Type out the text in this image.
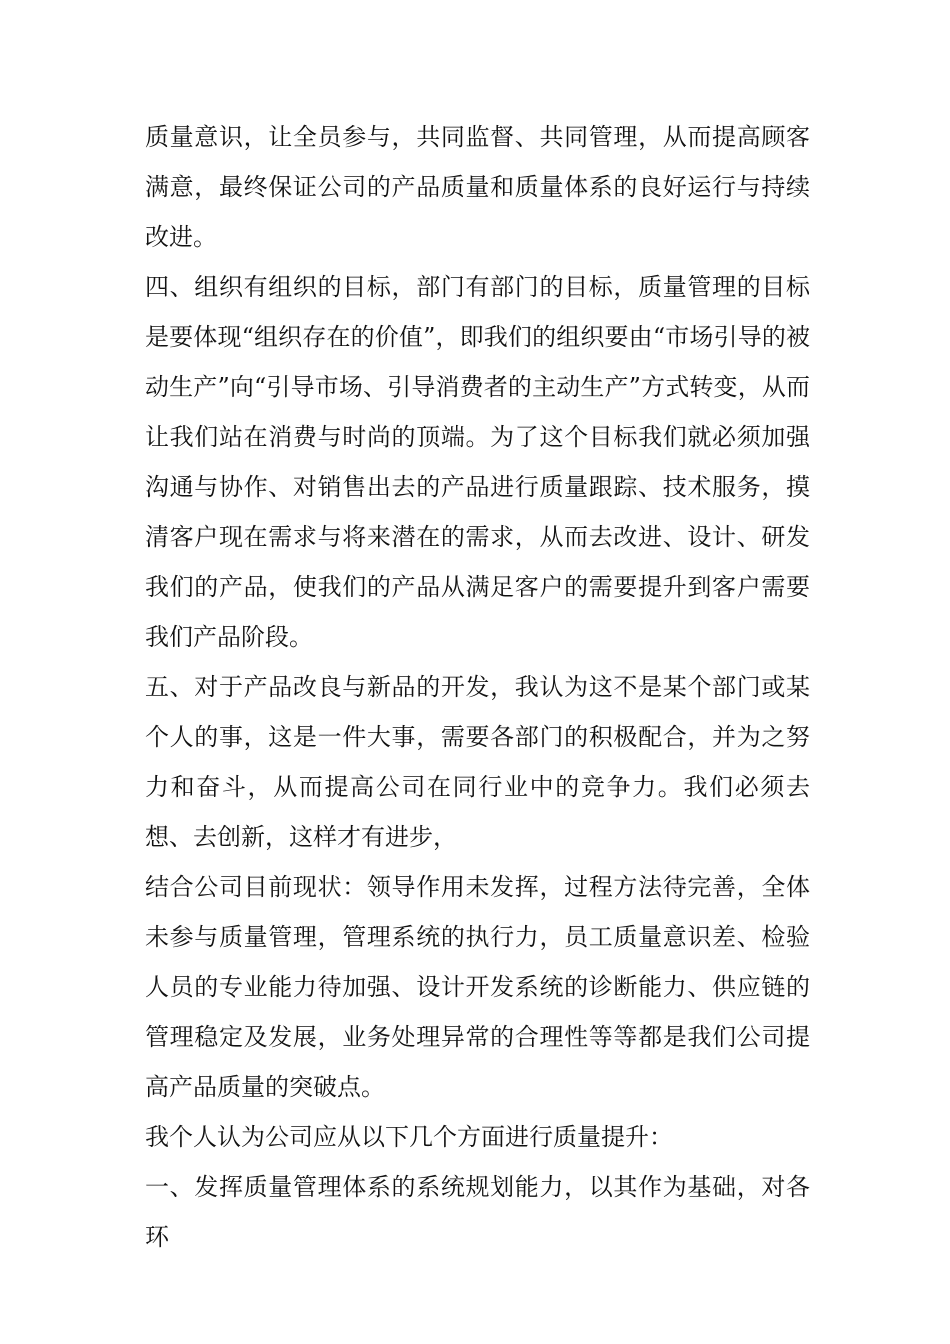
质量意识，让全员参与，共同监督、共同管理，从而提高顾客满意，最终保证公司的产品质量和质量体系的良好运行与持续改进。

四、组织有组织的目标，部门有部门的目标，质量管理的目标是要体现“组织存在的价值”，即我们的组织要由“市场引导的被动生产”向“引导市场、引导消费者的主动生产”方式转变，从而让我们站在消费与时尚的顶端。为了这个目标我们就必须加强沟通与协作、对销售出去的产品进行质量跟踪、技术服务，摸清客户现在需求与将来潜在的需求，从而去改进、设计、研发我们的产品，使我们的产品从满足客户的需要提升到客户需要我们产品阶段。

五、对于产品改良与新品的开发，我认为这不是某个部门或某个人的事，这是一件大事，需要各部门的积极配合，并为之努力和奋斗，从而提高公司在同行业中的竞争力。我们必须去想、去创新，这样才有进步，

结合公司目前现状：领导作用未发挥，过程方法待完善，全体未参与质量管理，管理系统的执行力，员工质量意识差、检验人员的专业能力待加强、设计开发系统的诊断能力、供应链的管理稳定及发展，业务处理异常的合理性等等都是我们公司提高产品质量的突破点。

我个人认为公司应从以下几个方面进行质量提升：

一、发挥质量管理体系的系统规划能力，以其作为基础，对各环
